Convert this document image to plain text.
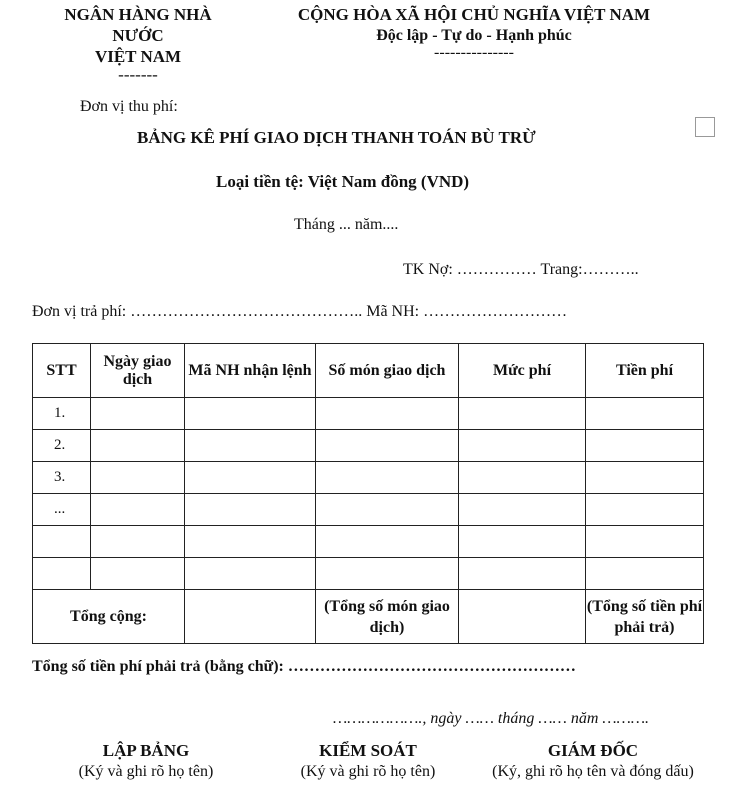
NGÂN HÀNG NHÀ
NƯỚC
VIỆT NAM
-------
CỘNG HÒA XÃ HỘI CHỦ NGHĨA VIỆT NAM
Độc lập - Tự do - Hạnh phúc
---------------
Đơn vị thu phí:
BẢNG KÊ PHÍ GIAO DỊCH THANH TOÁN BÙ TRỪ
Loại tiền tệ: Việt Nam đồng (VND)
Tháng ... năm....
TK Nợ: …………… Trang:………..
Đơn vị trả phí: …………………………………….. Mã NH: ………………………
STT	Ngày giao dịch	Mã NH nhận lệnh	Số món giao dịch	Mức phí	Tiền phí
1.					
2.					
3.					
...					

Tổng cộng:			(Tổng số món giao dịch)		(Tổng số tiền phí phải trả)
Tổng số tiền phí phải trả (bằng chữ): ………………………………………………
………………., ngày …… tháng …… năm ……….
LẬP BẢNG
(Ký và ghi rõ họ tên)
KIỂM SOÁT
(Ký và ghi rõ họ tên)
GIÁM ĐỐC
(Ký, ghi rõ họ tên và đóng dấu)
